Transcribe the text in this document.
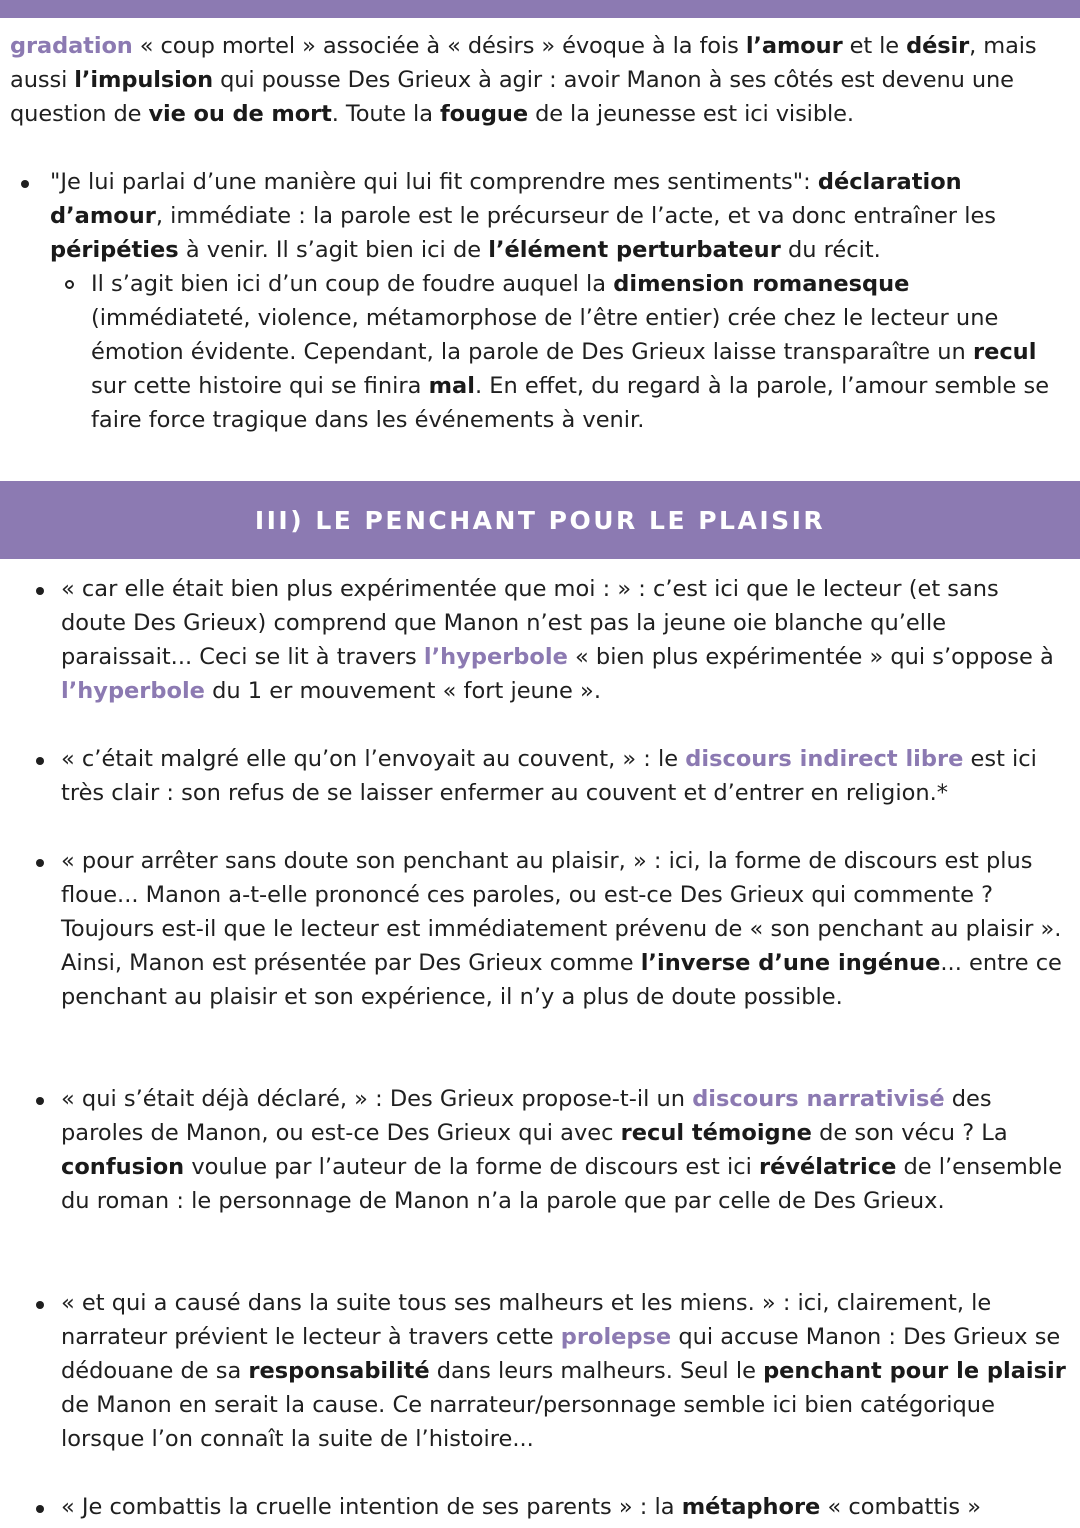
gradation « coup mortel » associée à « désirs » évoque à la fois l’amour et le désir, mais aussi l’impulsion qui pousse Des Grieux à agir : avoir Manon à ses côtés est devenu une question de vie ou de mort. Toute la fougue de la jeunesse est ici visible.

"Je lui parlai d’une manière qui lui fit comprendre mes sentiments": déclaration d’amour, immédiate : la parole est le précurseur de l’acte, et va donc entraîner les péripéties à venir. Il s’agit bien ici de l’élément perturbateur du récit.
Il s’agit bien ici d’un coup de foudre auquel la dimension romanesque (immédiateté, violence, métamorphose de l’être entier) crée chez le lecteur une émotion évidente. Cependant, la parole de Des Grieux laisse transparaître un recul sur cette histoire qui se finira mal. En effet, du regard à la parole, l’amour semble se faire force tragique dans les événements à venir.
III) LE PENCHANT POUR LE PLAISIR
« car elle était bien plus expérimentée que moi : » : c’est ici que le lecteur (et sans doute Des Grieux) comprend que Manon n’est pas la jeune oie blanche qu’elle paraissait... Ceci se lit à travers l’hyperbole « bien plus expérimentée » qui s’oppose à l’hyperbole du 1 er mouvement « fort jeune ».
« c’était malgré elle qu’on l’envoyait au couvent, » : le discours indirect libre est ici très clair : son refus de se laisser enfermer au couvent et d’entrer en religion.*
« pour arrêter sans doute son penchant au plaisir, » : ici, la forme de discours est plus floue... Manon a-t-elle prononcé ces paroles, ou est-ce Des Grieux qui commente ? Toujours est-il que le lecteur est immédiatement prévenu de « son penchant au plaisir ». Ainsi, Manon est présentée par Des Grieux comme l’inverse d’une ingénue... entre ce penchant au plaisir et son expérience, il n’y a plus de doute possible.
« qui s’était déjà déclaré, » : Des Grieux propose-t-il un discours narrativisé des paroles de Manon, ou est-ce Des Grieux qui avec recul témoigne de son vécu ? La confusion voulue par l’auteur de la forme de discours est ici révélatrice de l’ensemble du roman : le personnage de Manon n’a la parole que par celle de Des Grieux.
« et qui a causé dans la suite tous ses malheurs et les miens. » : ici, clairement, le narrateur prévient le lecteur à travers cette prolepse qui accuse Manon : Des Grieux se dédouane de sa responsabilité dans leurs malheurs. Seul le penchant pour le plaisir de Manon en serait la cause. Ce narrateur/personnage semble ici bien catégorique lorsque l’on connaît la suite de l’histoire...
« Je combattis la cruelle intention de ses parents » : la métaphore « combattis »
